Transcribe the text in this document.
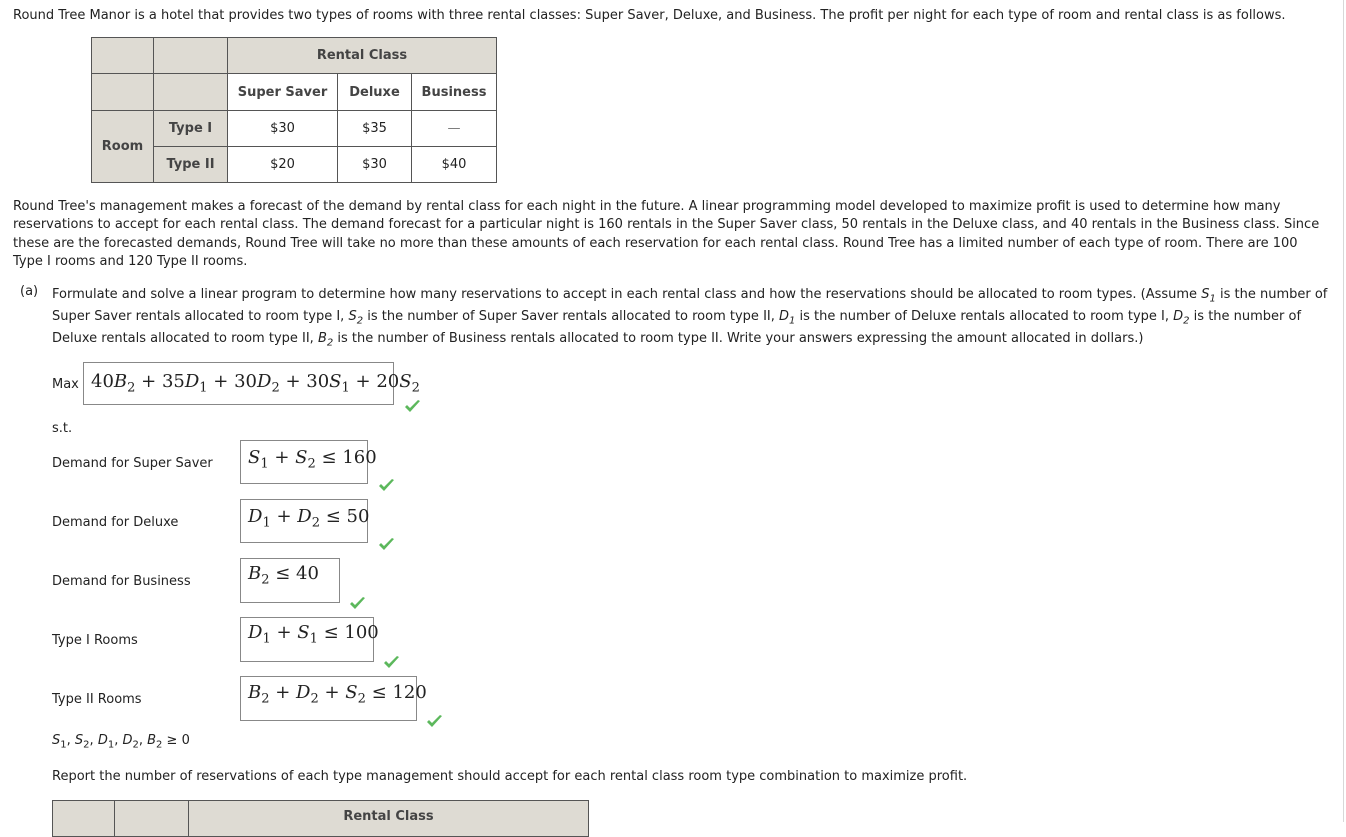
Round Tree Manor is a hotel that provides two types of rooms with three rental classes: Super Saver, Deluxe, and Business. The profit per night for each type of room and rental class is as follows.
		Rental Class		
		Super Saver	Deluxe	Business
Room	Type I	$30	$35	—
	Type II	$20	$30	$40
Round Tree's management makes a forecast of the demand by rental class for each night in the future. A linear programming model developed to maximize profit is used to determine how many reservations to accept for each rental class. The demand forecast for a particular night is 160 rentals in the Super Saver class, 50 rentals in the Deluxe class, and 40 rentals in the Business class. Since these are the forecasted demands, Round Tree will take no more than these amounts of each reservation for each rental class. Round Tree has a limited number of each type of room. There are 100 Type I rooms and 120 Type II rooms.
(a) Formulate and solve a linear program to determine how many reservations to accept in each rental class and how the reservations should be allocated to room types. (Assume $S_1$ is the number of Super Saver rentals allocated to room type I, $S_2$ is the number of Super Saver rentals allocated to room type II, $D_1$ is the number of Deluxe rentals allocated to room type I, $D_2$ is the number of Deluxe rentals allocated to room type II, $B_2$ is the number of Business rentals allocated to room type II. Write your answers expressing the amount allocated in dollars.)
Max $40B_2 + 35D_1 + 30D_2 + 30S_1 + 20S_2$
s.t.
Demand for Super Saver	$S_1 + S_2 \le 160$
Demand for Deluxe	$D_1 + D_2 \le 50$
Demand for Business	$B_2 \le 40$
Type I Rooms	$D_1 + S_1 \le 100$
Type II Rooms	$B_2 + D_2 + S_2 \le 120$
$S_1$, $S_2$, $D_1$, $D_2$, $B_2 \ge 0$
Report the number of reservations of each type management should accept for each rental class room type combination to maximize profit.
		Rental Class
